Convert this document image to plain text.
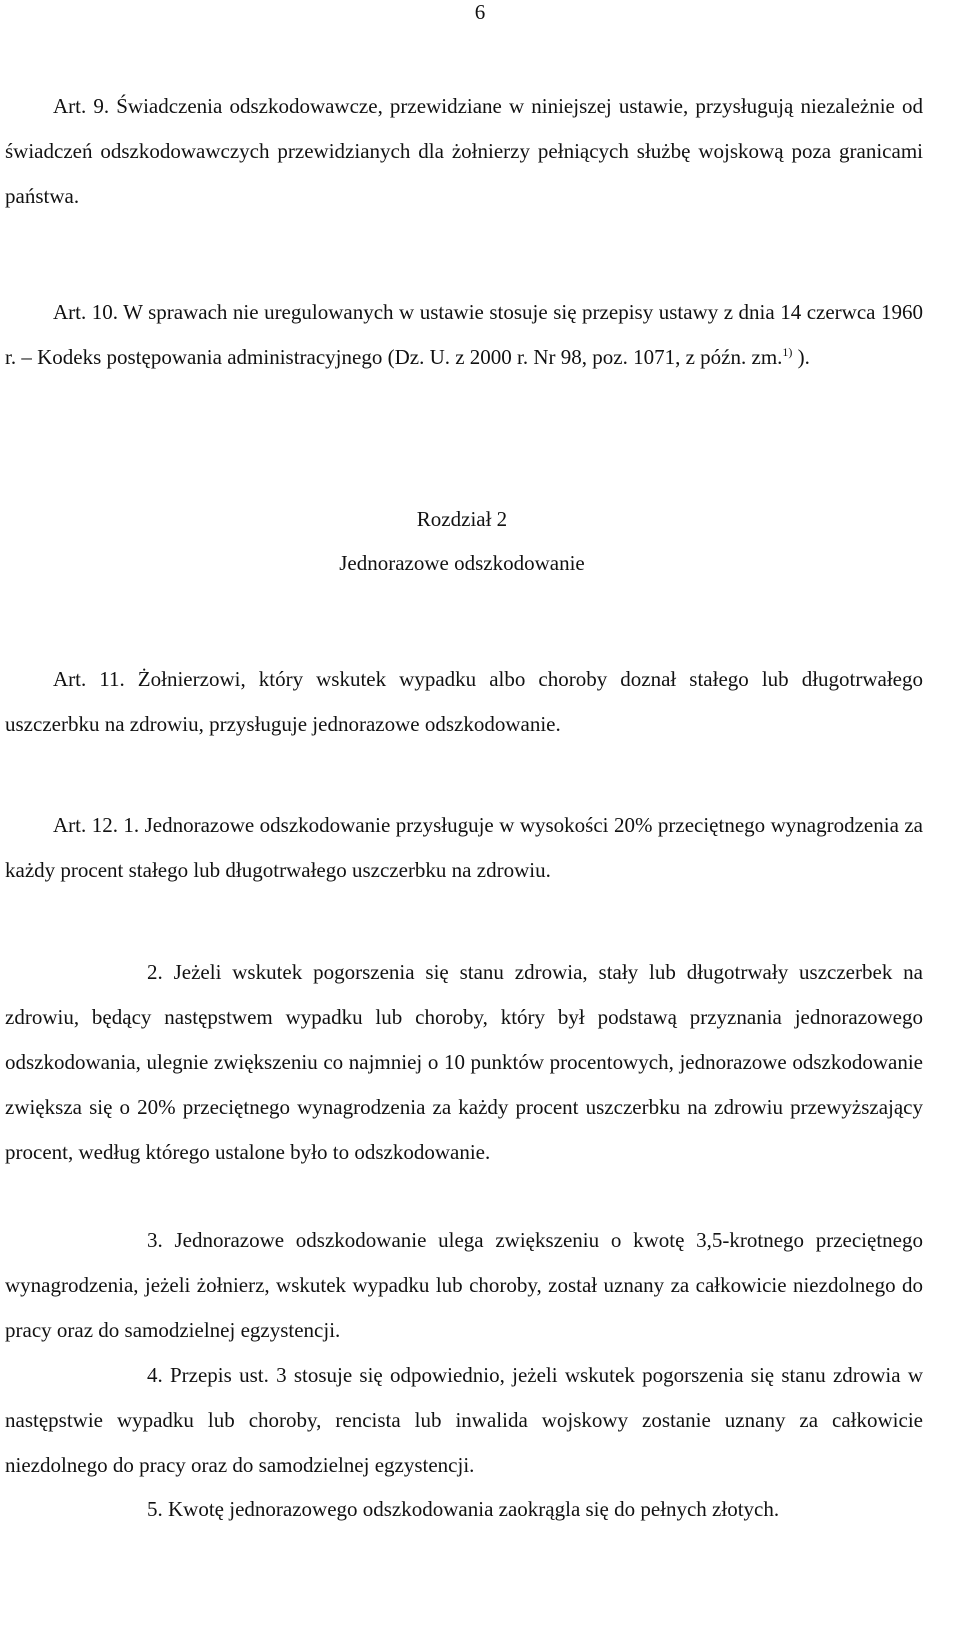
6

Art. 9. Świadczenia odszkodowawcze, przewidziane w niniejszej ustawie, przysługują niezależnie od świadczeń odszkodowawczych przewidzianych dla żołnierzy pełniących służbę wojskową poza granicami państwa.

Art. 10. W sprawach nie uregulowanych w ustawie stosuje się przepisy ustawy z dnia 14 czerwca 1960 r. – Kodeks postępowania administracyjnego (Dz. U. z 2000 r. Nr 98, poz. 1071, z późn. zm.$^{1)}$ ).

Rozdział 2
Jednorazowe odszkodowanie

Art. 11. Żołnierzowi, który wskutek wypadku albo choroby doznał stałego lub długotrwałego uszczerbku na zdrowiu, przysługuje jednorazowe odszkodowanie.

Art. 12. 1. Jednorazowe odszkodowanie przysługuje w wysokości 20% przeciętnego wynagrodzenia za każdy procent stałego lub długotrwałego uszczerbku na zdrowiu.

2. Jeżeli wskutek pogorszenia się stanu zdrowia, stały lub długotrwały uszczerbek na zdrowiu, będący następstwem wypadku lub choroby, który był podstawą przyznania jednorazowego odszkodowania, ulegnie zwiększeniu co najmniej o 10 punktów procentowych, jednorazowe odszkodowanie zwiększa się o 20% przeciętnego wynagrodzenia za każdy procent uszczerbku na zdrowiu przewyższający procent, według którego ustalone było to odszkodowanie.

3. Jednorazowe odszkodowanie ulega zwiększeniu o kwotę 3,5-krotnego przeciętnego wynagrodzenia, jeżeli żołnierz, wskutek wypadku lub choroby, został uznany za całkowicie niezdolnego do pracy oraz do samodzielnej egzystencji.

4. Przepis ust. 3 stosuje się odpowiednio, jeżeli wskutek pogorszenia się stanu zdrowia w następstwie wypadku lub choroby, rencista lub inwalida wojskowy zostanie uznany za całkowicie niezdolnego do pracy oraz do samodzielnej egzystencji.

5. Kwotę jednorazowego odszkodowania zaokrągla się do pełnych złotych.
